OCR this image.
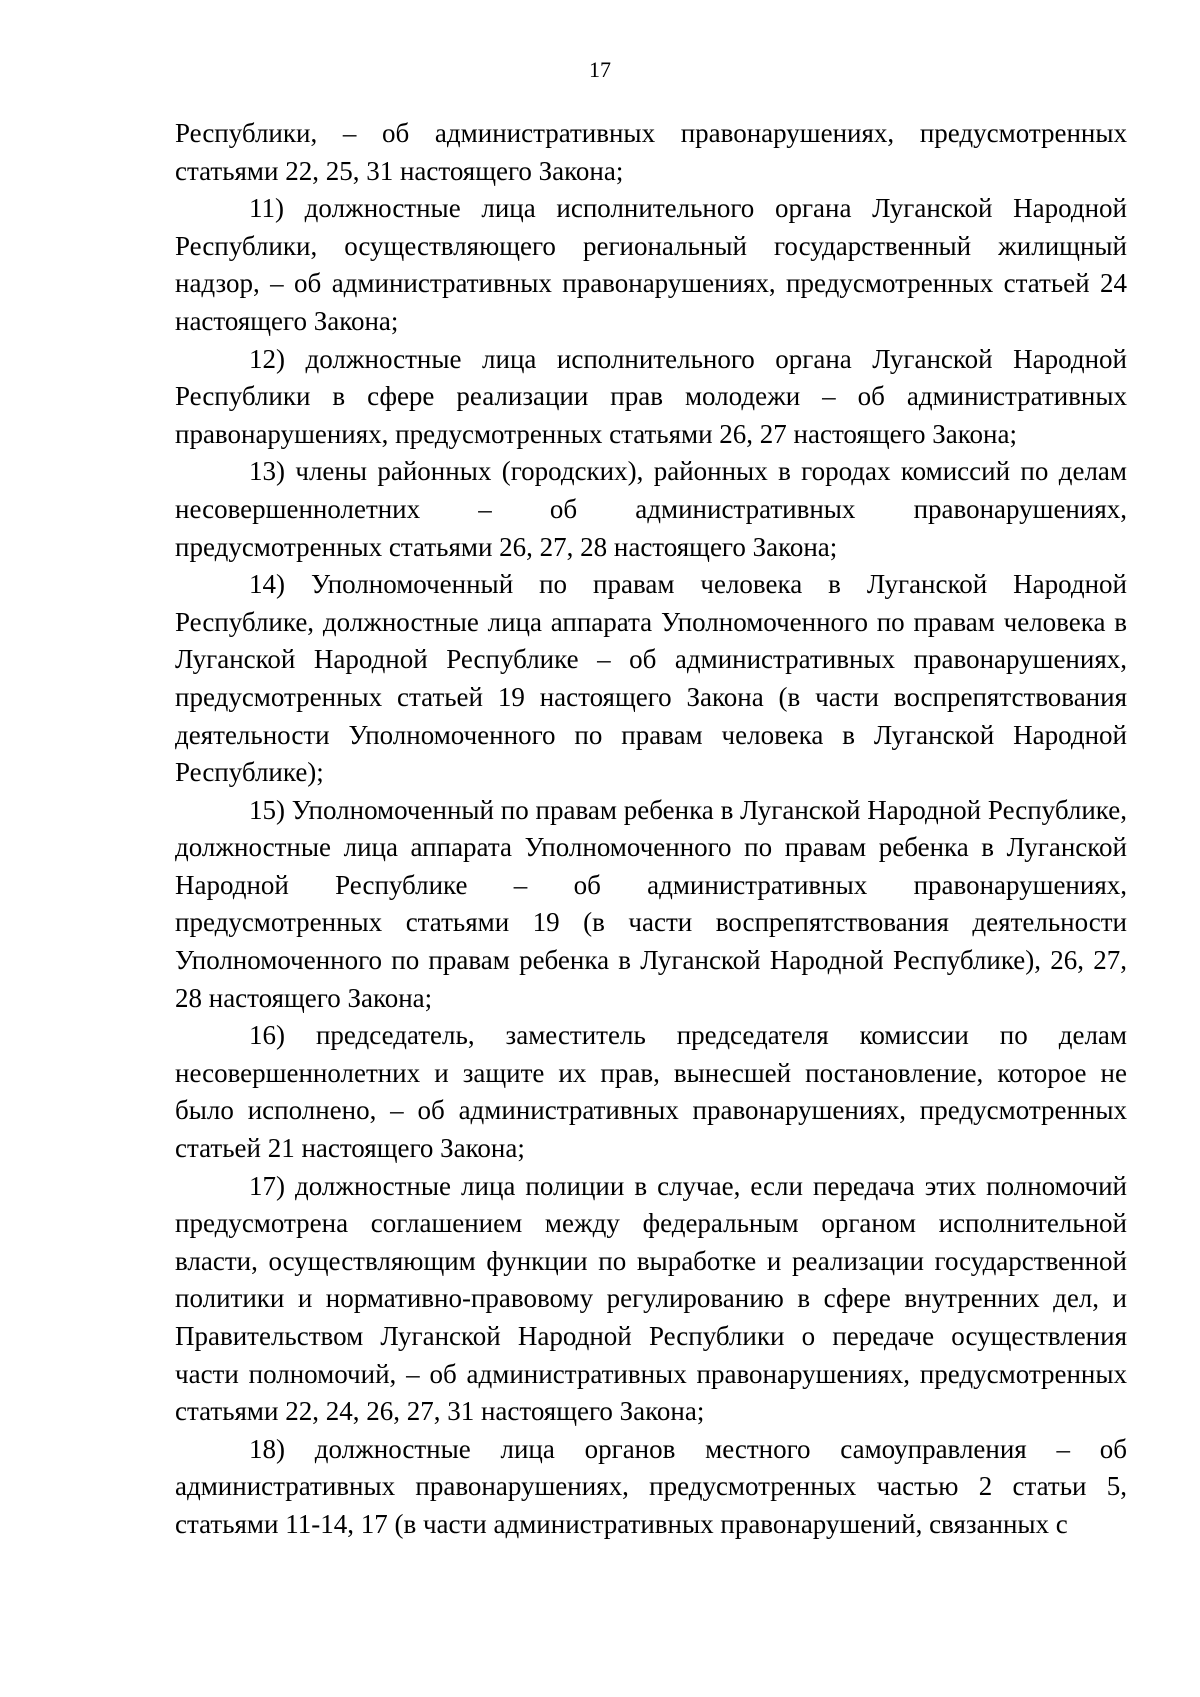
17

Республики, – об административных правонарушениях, предусмотренных статьями 22, 25, 31 настоящего Закона;

11) должностные лица исполнительного органа Луганской Народной Республики, осуществляющего региональный государственный жилищный надзор, – об административных правонарушениях, предусмотренных статьей 24 настоящего Закона;

12) должностные лица исполнительного органа Луганской Народной Республики в сфере реализации прав молодежи – об административных правонарушениях, предусмотренных статьями 26, 27 настоящего Закона;

13) члены районных (городских), районных в городах комиссий по делам несовершеннолетних – об административных правонарушениях, предусмотренных статьями 26, 27, 28 настоящего Закона;

14) Уполномоченный по правам человека в Луганской Народной Республике, должностные лица аппарата Уполномоченного по правам человека в Луганской Народной Республике – об административных правонарушениях, предусмотренных статьей 19 настоящего Закона (в части воспрепятствования деятельности Уполномоченного по правам человека в Луганской Народной Республике);

15) Уполномоченный по правам ребенка в Луганской Народной Республике, должностные лица аппарата Уполномоченного по правам ребенка в Луганской Народной Республике – об административных правонарушениях, предусмотренных статьями 19 (в части воспрепятствования деятельности Уполномоченного по правам ребенка в Луганской Народной Республике), 26, 27, 28 настоящего Закона;

16) председатель, заместитель председателя комиссии по делам несовершеннолетних и защите их прав, вынесшей постановление, которое не было исполнено, – об административных правонарушениях, предусмотренных статьей 21 настоящего Закона;

17) должностные лица полиции в случае, если передача этих полномочий предусмотрена соглашением между федеральным органом исполнительной власти, осуществляющим функции по выработке и реализации государственной политики и нормативно-правовому регулированию в сфере внутренних дел, и Правительством Луганской Народной Республики о передаче осуществления части полномочий, – об административных правонарушениях, предусмотренных статьями 22, 24, 26, 27, 31 настоящего Закона;

18) должностные лица органов местного самоуправления – об административных правонарушениях, предусмотренных частью 2 статьи 5, статьями 11-14, 17 (в части административных правонарушений, связанных с
